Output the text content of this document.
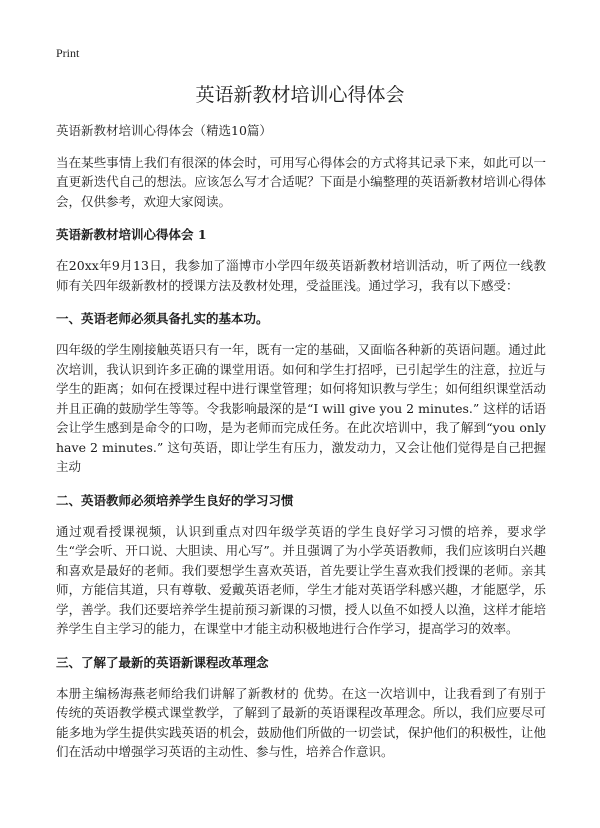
Print
英语新教材培训心得体会

英语新教材培训心得体会（精选10篇）

当在某些事情上我们有很深的体会时，可用写心得体会的方式将其记录下来，如此可以一直更新迭代自己的想法。应该怎么写才合适呢？下面是小编整理的英语新教材培训心得体会，仅供参考，欢迎大家阅读。

英语新教材培训心得体会 1

在20xx年9月13日，我参加了淄博市小学四年级英语新教材培训活动，听了两位一线教师有关四年级新教材的授课方法及教材处理，受益匪浅。通过学习，我有以下感受：

一、英语老师必须具备扎实的基本功。

四年级的学生刚接触英语只有一年，既有一定的基础，又面临各种新的英语问题。通过此次培训，我认识到许多正确的课堂用语。如何和学生打招呼，已引起学生的注意，拉近与学生的距离；如何在授课过程中进行课堂管理；如何将知识教与学生；如何组织课堂活动并且正确的鼓励学生等等。令我影响最深的是“I will give you 2 minutes.” 这样的话语会让学生感到是命令的口吻，是为老师而完成任务。在此次培训中，我了解到“you only have 2 minutes.” 这句英语，即让学生有压力，激发动力，又会让他们觉得是自己把握主动

二、英语教师必须培养学生良好的学习习惯

通过观看授课视频，认识到重点对四年级学英语的学生良好学习习惯的培养，要求学生“学会听、开口说、大胆读、用心写”。并且强调了为小学英语教师，我们应该明白兴趣和喜欢是最好的老师。我们要想学生喜欢英语，首先要让学生喜欢我们授课的老师。亲其师，方能信其道，只有尊敬、爱戴英语老师，学生才能对英语学科感兴趣，才能愿学，乐学，善学。我们还要培养学生提前预习新课的习惯，授人以鱼不如授人以渔，这样才能培养学生自主学习的能力，在课堂中才能主动积极地进行合作学习，提高学习的效率。

三、了解了最新的英语新课程改革理念

本册主编杨海燕老师给我们讲解了新教材的 优势。在这一次培训中，让我看到了有别于传统的英语教学模式课堂教学，了解到了最新的英语课程改革理念。所以，我们应要尽可能多地为学生提供实践英语的机会，鼓励他们所做的一切尝试，保护他们的积极性，让他们在活动中增强学习英语的主动性、参与性，培养合作意识。
